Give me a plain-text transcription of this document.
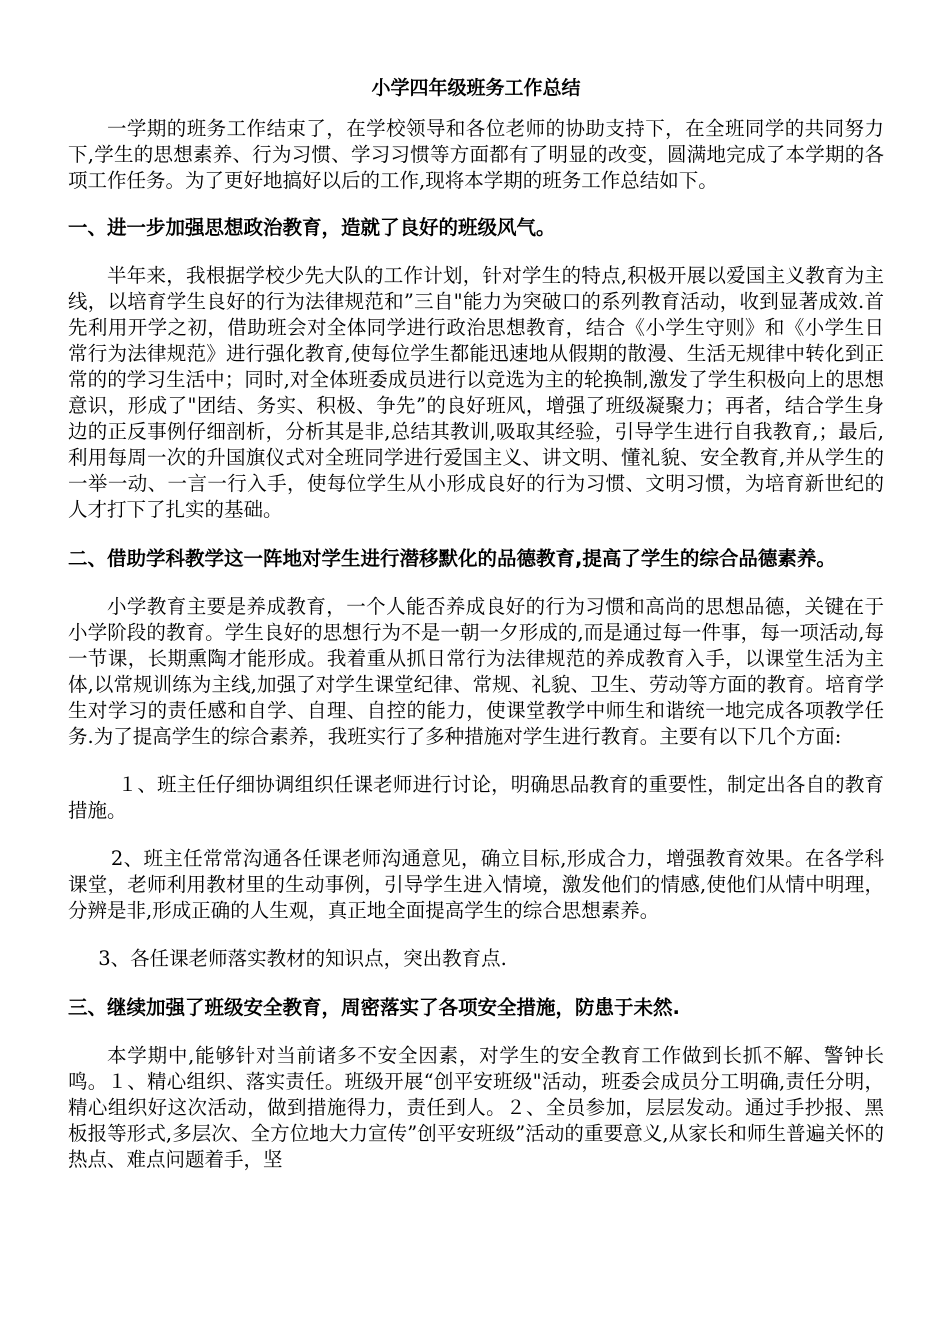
小学四年级班务工作总结

一学期的班务工作结束了，在学校领导和各位老师的协助支持下，在全班同学的共同努力下,学生的思想素养、行为习惯、学习习惯等方面都有了明显的改变，圆满地完成了本学期的各项工作任务。为了更好地搞好以后的工作,现将本学期的班务工作总结如下。

一、进一步加强思想政治教育，造就了良好的班级风气。

半年来，我根据学校少先大队的工作计划，针对学生的特点,积极开展以爱国主义教育为主线，以培育学生良好的行为法律规范和”三自"能力为突破口的系列教育活动，收到显著成效.首先利用开学之初，借助班会对全体同学进行政治思想教育，结合《小学生守则》和《小学生日常行为法律规范》进行强化教育,使每位学生都能迅速地从假期的散漫、生活无规律中转化到正常的的学习生活中；同时,对全体班委成员进行以竞选为主的轮换制,激发了学生积极向上的思想意识，形成了"团结、务实、积极、争先”的良好班风，增强了班级凝聚力；再者，结合学生身边的正反事例仔细剖析，分析其是非,总结其教训,吸取其经验，引导学生进行自我教育,；最后,利用每周一次的升国旗仪式对全班同学进行爱国主义、讲文明、懂礼貌、安全教育,并从学生的一举一动、一言一行入手，使每位学生从小形成良好的行为习惯、文明习惯，为培育新世纪的人才打下了扎实的基础。

二、借助学科教学这一阵地对学生进行潜移默化的品德教育,提高了学生的综合品德素养。

小学教育主要是养成教育，一个人能否养成良好的行为习惯和高尚的思想品德，关键在于小学阶段的教育。学生良好的思想行为不是一朝一夕形成的,而是通过每一件事，每一项活动,每一节课，长期熏陶才能形成。我着重从抓日常行为法律规范的养成教育入手，以课堂生活为主体,以常规训练为主线,加强了对学生课堂纪律、常规、礼貌、卫生、劳动等方面的教育。培育学生对学习的责任感和自学、自理、自控的能力，使课堂教学中师生和谐统一地完成各项教学任务.为了提高学生的综合素养，我班实行了多种措施对学生进行教育。主要有以下几个方面:

１、班主任仔细协调组织任课老师进行讨论，明确思品教育的重要性，制定出各自的教育措施。

2、班主任常常沟通各任课老师沟通意见，确立目标,形成合力，增强教育效果。在各学科课堂，老师利用教材里的生动事例，引导学生进入情境，激发他们的情感,使他们从情中明理，分辨是非,形成正确的人生观，真正地全面提高学生的综合思想素养。

3、各任课老师落实教材的知识点，突出教育点.

三、继续加强了班级安全教育，周密落实了各项安全措施，防患于未然.

本学期中,能够针对当前诸多不安全因素，对学生的安全教育工作做到长抓不解、警钟长鸣。１、精心组织、落实责任。班级开展“创平安班级"活动，班委会成员分工明确,责任分明，精心组织好这次活动，做到措施得力，责任到人。２、全员参加，层层发动。通过手抄报、黑板报等形式,多层次、全方位地大力宣传”创平安班级”活动的重要意义,从家长和师生普遍关怀的热点、难点问题着手，坚
